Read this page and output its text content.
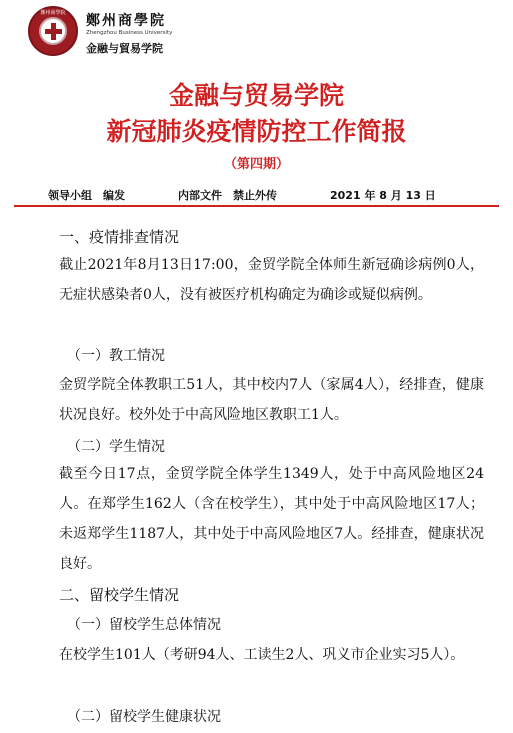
鄭州商學院	鄭州商學院
Zhengzhou Business University
金融与貿易学院
金融与贸易学院
新冠肺炎疫情防控工作简报
（第四期）
领导小组　编发	内部文件　禁止外传	2021 年 8 月 13 日
一、疫情排查情况
截止2021年8月13日17:00，金贸学院全体师生新冠确诊病例0人，无症状感染者0人，没有被医疗机构确定为确诊或疑似病例。
（一）教工情况
金贸学院全体教职工51人，其中校内7人（家属4人），经排查，健康状况良好。校外处于中高风险地区教职工1人。
（二）学生情况
截至今日17点，金贸学院全体学生1349人，处于中高风险地区24人。在郑学生162人（含在校学生），其中处于中高风险地区17人；未返郑学生1187人，其中处于中高风险地区7人。经排查，健康状况良好。
二、留校学生情况
（一）留校学生总体情况
在校学生101人（考研94人、工读生2人、巩义市企业实习5人）。
（二）留校学生健康状况
